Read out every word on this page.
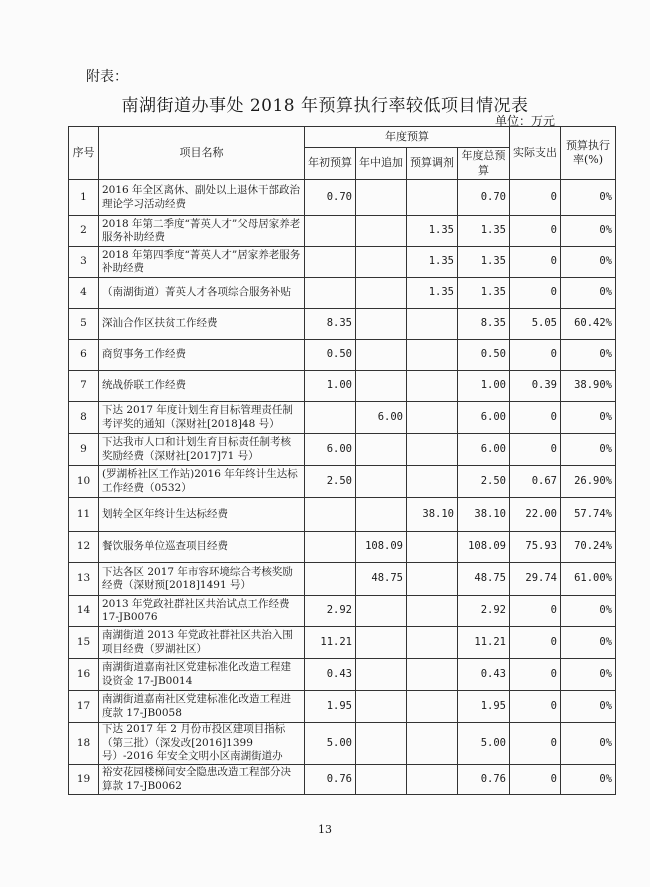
附表：
南湖街道办事处 2018 年预算执行率较低项目情况表
单位：万元
序号	项目名称	年度预算				实际支出	预算执行率(%)
		年初预算	年中追加	预算调剂	年度总预算		
1	2016 年全区离休、副处以上退休干部政治理论学习活动经费	0.70			0.70	0	0%
2	2018 年第二季度“菁英人才”父母居家养老服务补助经费			1.35	1.35	0	0%
3	2018 年第四季度“菁英人才”居家养老服务补助经费			1.35	1.35	0	0%
4	（南湖街道）菁英人才各项综合服务补贴			1.35	1.35	0	0%
5	深汕合作区扶贫工作经费	8.35			8.35	5.05	60.42%
6	商贸事务工作经费	0.50			0.50	0	0%
7	统战侨联工作经费	1.00			1.00	0.39	38.90%
8	下达 2017 年度计划生育目标管理责任制考评奖的通知（深财社[2018]48 号）		6.00		6.00	0	0%
9	下达我市人口和计划生育目标责任制考核奖励经费（深财社[2017]71 号）	6.00			6.00	0	0%
10	(罗湖桥社区工作站)2016 年年终计生达标工作经费（0532）	2.50			2.50	0.67	26.90%
11	划转全区年终计生达标经费			38.10	38.10	22.00	57.74%
12	餐饮服务单位巡查项目经费		108.09		108.09	75.93	70.24%
13	下达各区 2017 年市容环境综合考核奖励经费（深财预[2018]1491 号）		48.75		48.75	29.74	61.00%
14	2013 年党政社群社区共治试点工作经费 17-JB0076	2.92			2.92	0	0%
15	南湖街道 2013 年党政社群社区共治入围项目经费（罗湖社区）	11.21			11.21	0	0%
16	南湖街道嘉南社区党建标准化改造工程建设资金 17-JB0014	0.43			0.43	0	0%
17	南湖街道嘉南社区党建标准化改造工程进度款 17-JB0058	1.95			1.95	0	0%
18	下达 2017 年 2 月份市投区建项目指标（第三批）（深发改[2016]1399 号）-2016 年安全文明小区南湖街道办	5.00			5.00	0	0%
19	裕安花园楼梯间安全隐患改造工程部分决算款 17-JB0062	0.76			0.76	0	0%
13
